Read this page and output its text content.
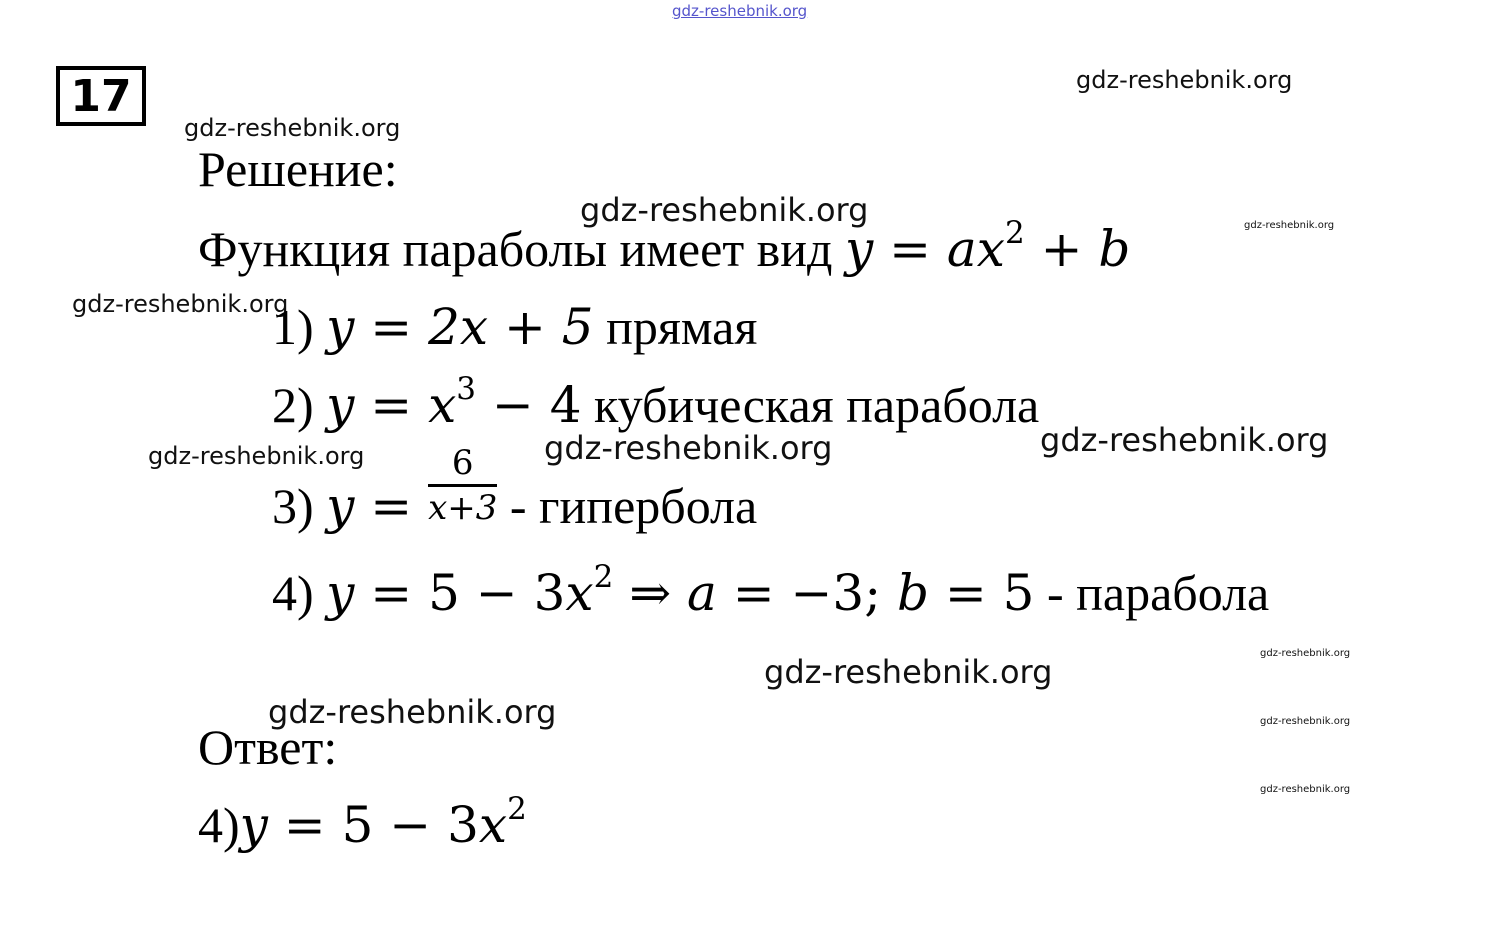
gdz-reshebnik.org
gdz-reshebnik.org
gdz-reshebnik.org
gdz-reshebnik.org	gdz-reshebnik.org
gdz-reshebnik.org
gdz-reshebnik.org	gdz-reshebnik.org	gdz-reshebnik.org
gdz-reshebnik.org
gdz-reshebnik.org
gdz-reshebnik.org	gdz-reshebnik.org
gdz-reshebnik.org
17
Решение:
Функция параболы имеет вид $y = ax^2 + b$
1) y = 2x + 5 прямая
2) $y = x^3 - 4$ кубическая парабола
3) $y = \frac{6}{x+3}$ - гипербола
4) $y = 5 - 3x^2$ ⇒ a = −3; b = 5 - парабола
Ответ:
$4)y = 5 - 3x^2$
